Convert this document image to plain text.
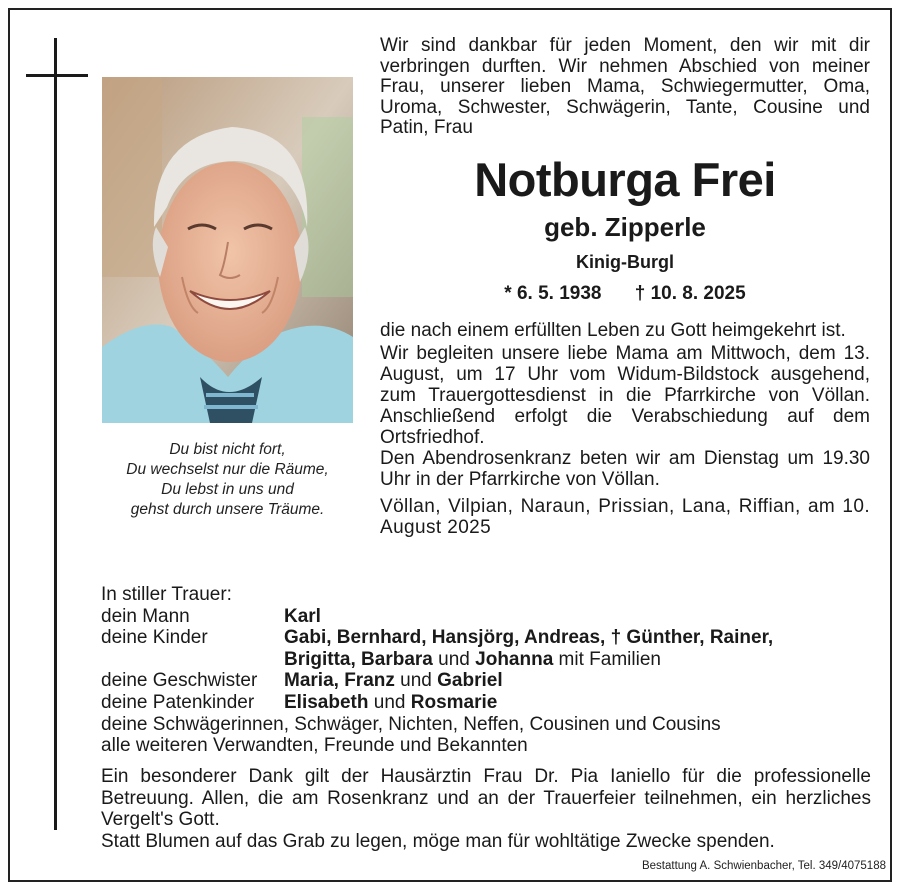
Du bist nicht fort,
Du wechselst nur die Räume,
Du lebst in uns und
gehst durch unsere Träume.
Wir sind dankbar für jeden Moment, den wir mit dir verbringen durften. Wir nehmen Abschied von meiner Frau, unserer lieben Mama, Schwiegermutter, Oma, Uroma, Schwester, Schwägerin, Tante, Cousine und Patin, Frau
Notburga Frei
geb. Zipperle
Kinig-Burgl
* 6. 5. 1938 † 10. 8. 2025

die nach einem erfüllten Leben zu Gott heimgekehrt ist.

Wir begleiten unsere liebe Mama am Mittwoch, dem 13. August, um 17 Uhr vom Widum-Bildstock ausgehend, zum Trauergottesdienst in die Pfarrkirche von Völlan. Anschließend erfolgt die Verabschiedung auf dem Ortsfriedhof.

Den Abendrosenkranz beten wir am Dienstag um 19.30 Uhr in der Pfarrkirche von Völlan.

Völlan, Vilpian, Naraun, Prissian, Lana, Riffian, am 10. August 2025

In stiller Trauer:
dein Mann	Karl
deine Kinder	Gabi, Bernhard, Hansjörg, Andreas, † Günther, Rainer,
Brigitta, Barbara und Johanna mit Familien
deine Geschwister	Maria, Franz und Gabriel
deine Patenkinder	Elisabeth und Rosmarie
deine Schwägerinnen, Schwäger, Nichten, Neffen, Cousinen und Cousins
alle weiteren Verwandten, Freunde und Bekannten

Ein besonderer Dank gilt der Hausärztin Frau Dr. Pia Ianiello für die professionelle Betreuung. Allen, die am Rosenkranz und an der Trauerfeier teilnehmen, ein herzliches Vergelt's Gott.

Statt Blumen auf das Grab zu legen, möge man für wohltätige Zwecke spenden.

Bestattung A. Schwienbacher, Tel. 349/4075188
